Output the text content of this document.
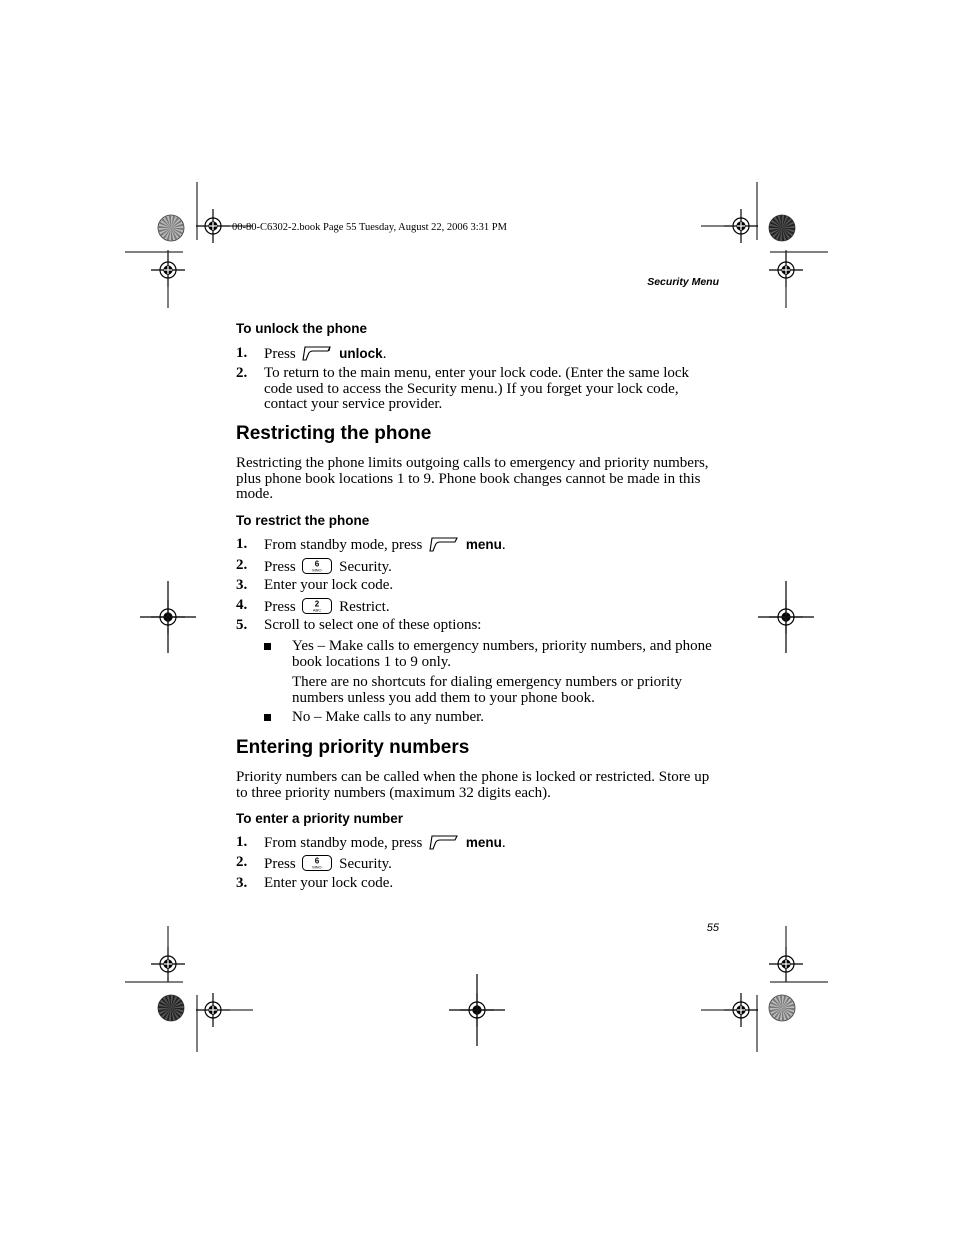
00-80-C6302-2.book Page 55 Tuesday, August 22, 2006 3:31 PM
Security Menu
To unlock the phone
1. Press	unlock.
2. To return to the main menu, enter your lock code. (Enter the same lock code used to access the Security menu.) If you forget your lock code, contact your service provider.
Restricting the phone
Restricting the phone limits outgoing calls to emergency and priority numbers, plus phone book locations 1 to 9. Phone book changes cannot be made in this mode.
To restrict the phone
1. From standby mode, press	menu.
2. Press 6
MNO Security.
3. Enter your lock code.
4. Press 2
ABC Restrict.
5. Scroll to select one of these options:
Yes – Make calls to emergency numbers, priority numbers, and phone book locations 1 to 9 only.
There are no shortcuts for dialing emergency numbers or priority numbers unless you add them to your phone book.
No – Make calls to any number.
Entering priority numbers
Priority numbers can be called when the phone is locked or restricted. Store up to three priority numbers (maximum 32 digits each).
To enter a priority number
1. From standby mode, press	menu.
2. Press 6
MNO Security.
3. Enter your lock code.
55
